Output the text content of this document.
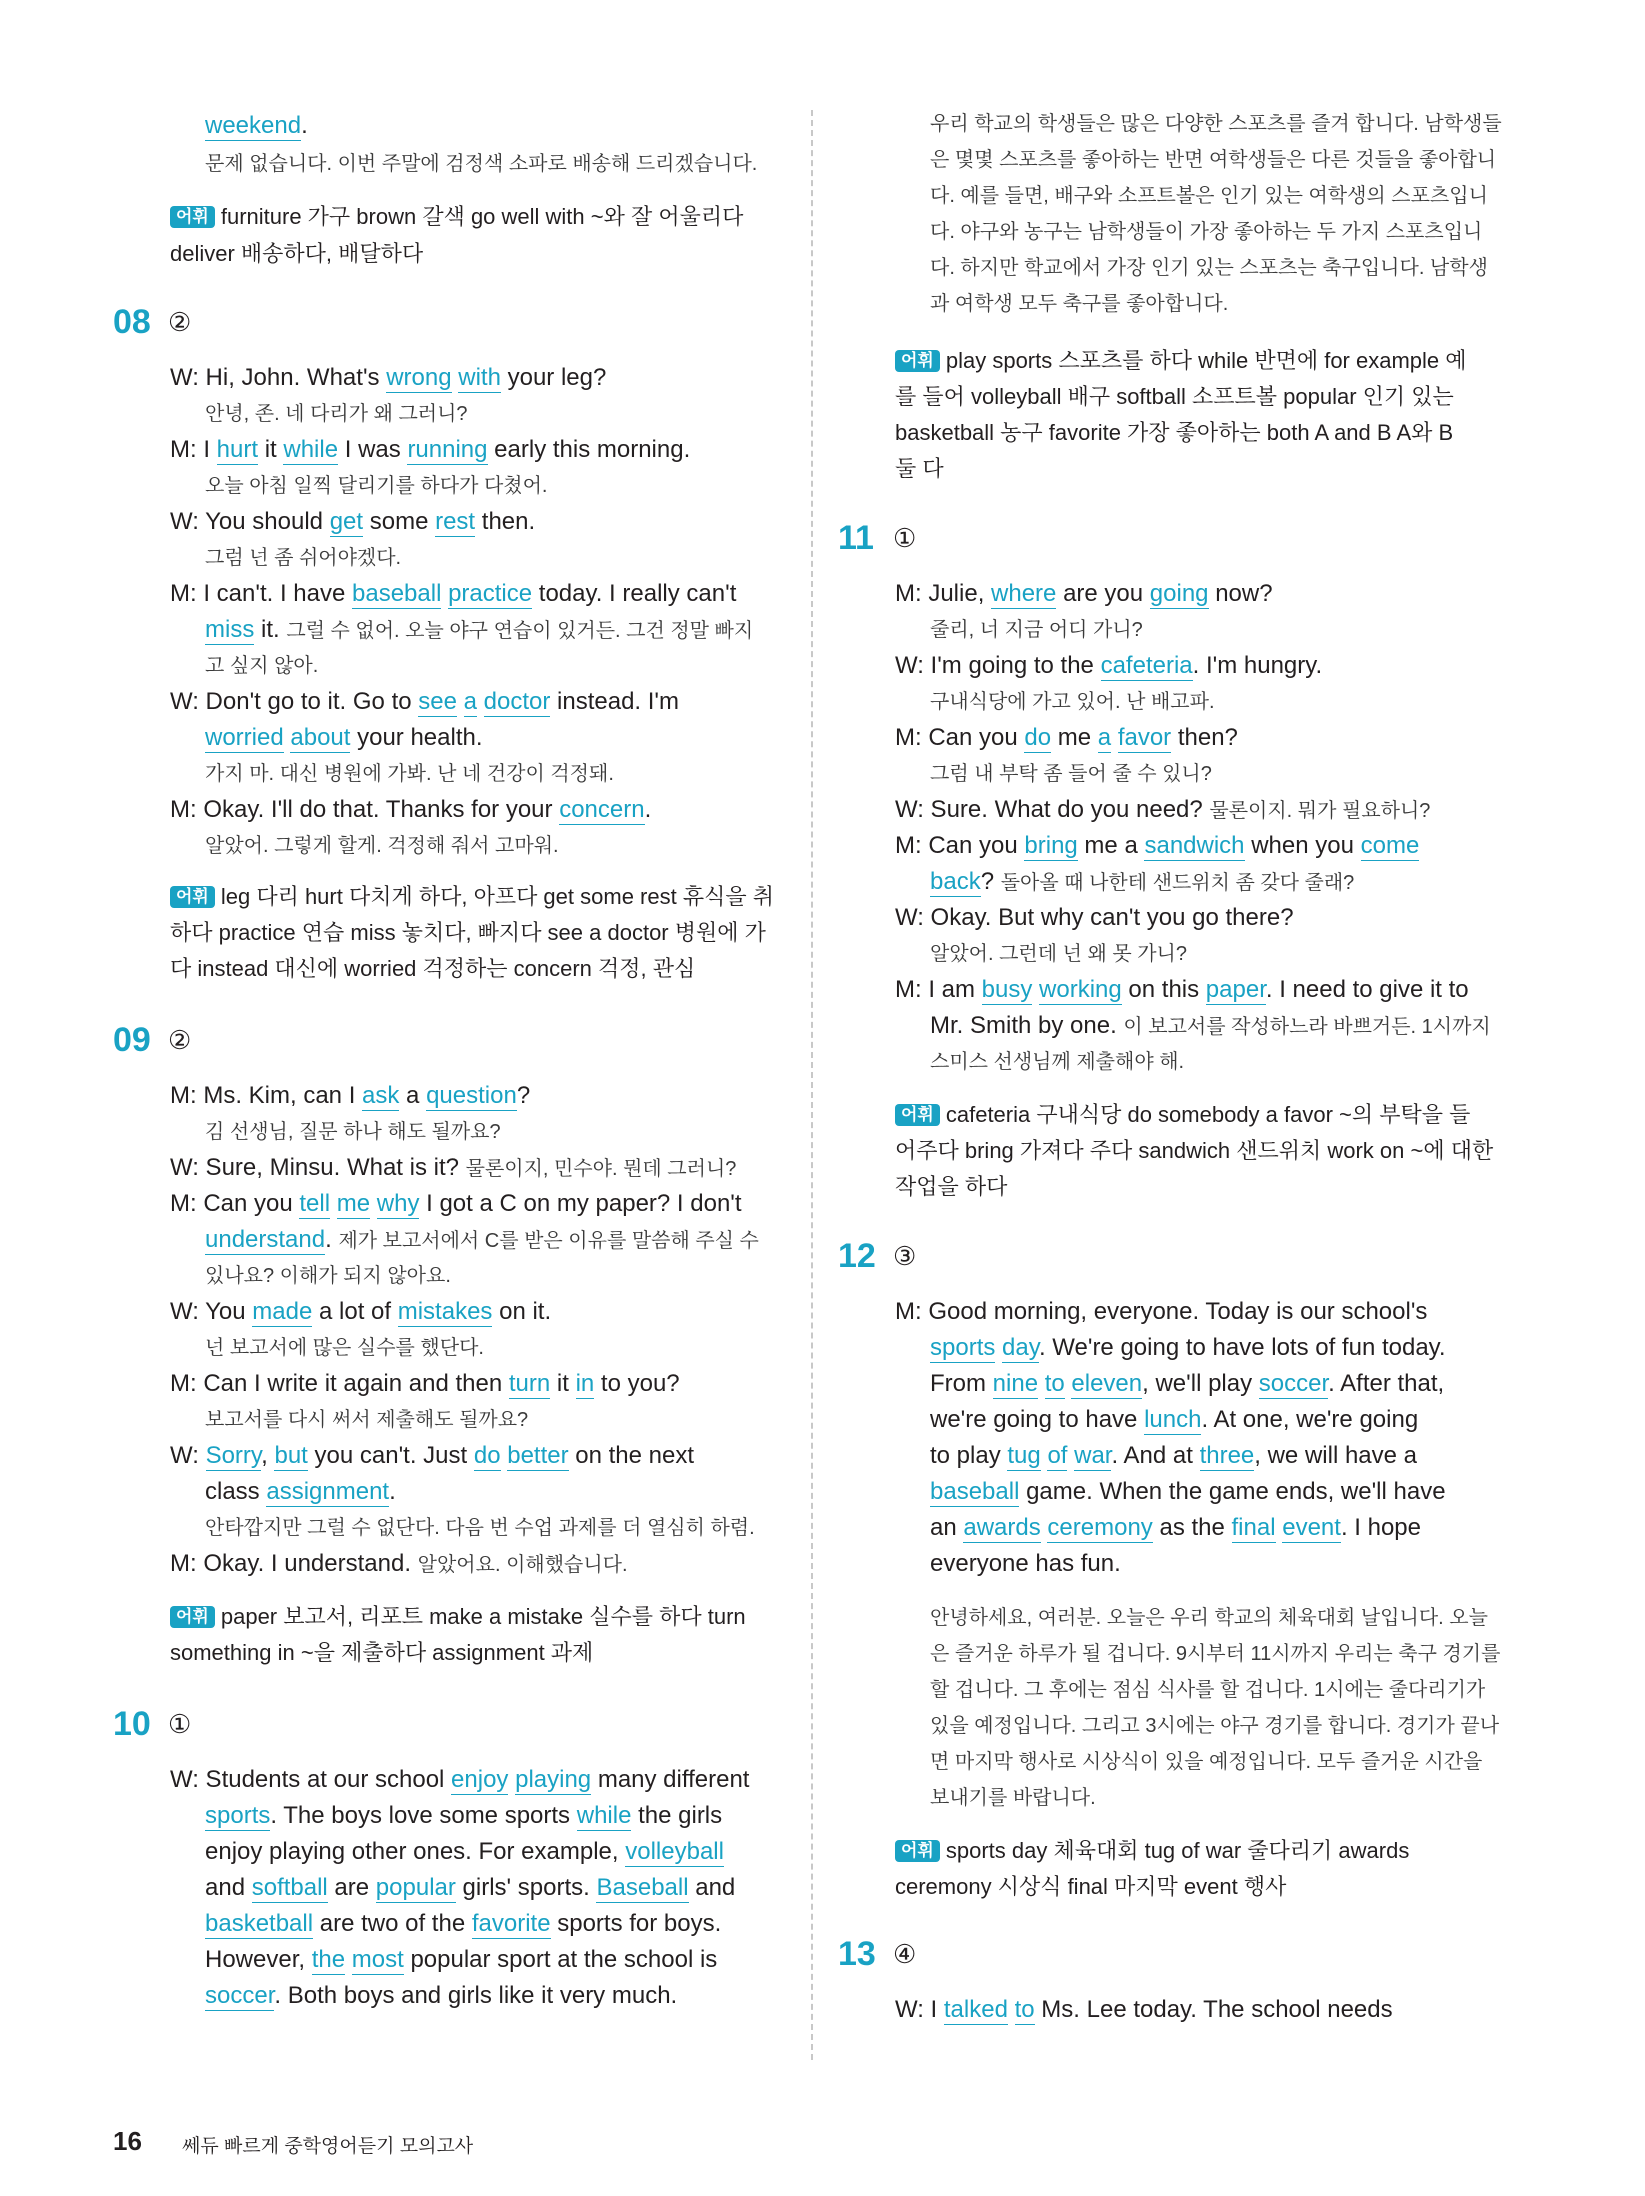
weekend.
문제 없습니다. 이번 주말에 검정색 소파로 배송해 드리겠습니다.
어휘 furniture 가구 brown 갈색 go well with ~와 잘 어울리다
deliver 배송하다, 배달하다
08 ②
W: Hi, John. What's wrong with your leg?
안녕, 존. 네 다리가 왜 그러니?
M: I hurt it while I was running early this morning.
오늘 아침 일찍 달리기를 하다가 다쳤어.
W: You should get some rest then.
그럼 넌 좀 쉬어야겠다.
M: I can't. I have baseball practice today. I really can't
miss it. 그럴 수 없어. 오늘 야구 연습이 있거든. 그건 정말 빠지
고 싶지 않아.
W: Don't go to it. Go to see a doctor instead. I'm
worried about your health.
가지 마. 대신 병원에 가봐. 난 네 건강이 걱정돼.
M: Okay. I'll do that. Thanks for your concern.
알았어. 그렇게 할게. 걱정해 줘서 고마워.
어휘 leg 다리 hurt 다치게 하다, 아프다 get some rest 휴식을 취
하다 practice 연습 miss 놓치다, 빠지다 see a doctor 병원에 가
다 instead 대신에 worried 걱정하는 concern 걱정, 관심
09 ②
M: Ms. Kim, can I ask a question?
김 선생님, 질문 하나 해도 될까요?
W: Sure, Minsu. What is it? 물론이지, 민수야. 뭔데 그러니?
M: Can you tell me why I got a C on my paper? I don't
understand. 제가 보고서에서 C를 받은 이유를 말씀해 주실 수
있나요? 이해가 되지 않아요.
W: You made a lot of mistakes on it.
넌 보고서에 많은 실수를 했단다.
M: Can I write it again and then turn it in to you?
보고서를 다시 써서 제출해도 될까요?
W: Sorry, but you can't. Just do better on the next
class assignment.
안타깝지만 그럴 수 없단다. 다음 번 수업 과제를 더 열심히 하렴.
M: Okay. I understand. 알았어요. 이해했습니다.
어휘 paper 보고서, 리포트 make a mistake 실수를 하다 turn
something in ~을 제출하다 assignment 과제
10 ①
W: Students at our school enjoy playing many different
sports. The boys love some sports while the girls
enjoy playing other ones. For example, volleyball
and softball are popular girls' sports. Baseball and
basketball are two of the favorite sports for boys.
However, the most popular sport at the school is
soccer. Both boys and girls like it very much.
우리 학교의 학생들은 많은 다양한 스포츠를 즐겨 합니다. 남학생들
은 몇몇 스포츠를 좋아하는 반면 여학생들은 다른 것들을 좋아합니
다. 예를 들면, 배구와 소프트볼은 인기 있는 여학생의 스포츠입니
다. 야구와 농구는 남학생들이 가장 좋아하는 두 가지 스포츠입니
다. 하지만 학교에서 가장 인기 있는 스포츠는 축구입니다. 남학생
과 여학생 모두 축구를 좋아합니다.
어휘 play sports 스포츠를 하다 while 반면에 for example 예
를 들어 volleyball 배구 softball 소프트볼 popular 인기 있는
basketball 농구 favorite 가장 좋아하는 both A and B A와 B
둘 다
11 ①
M: Julie, where are you going now?
줄리, 너 지금 어디 가니?
W: I'm going to the cafeteria. I'm hungry.
구내식당에 가고 있어. 난 배고파.
M: Can you do me a favor then?
그럼 내 부탁 좀 들어 줄 수 있니?
W: Sure. What do you need? 물론이지. 뭐가 필요하니?
M: Can you bring me a sandwich when you come
back? 돌아올 때 나한테 샌드위치 좀 갖다 줄래?
W: Okay. But why can't you go there?
알았어. 그런데 넌 왜 못 가니?
M: I am busy working on this paper. I need to give it to
Mr. Smith by one. 이 보고서를 작성하느라 바쁘거든. 1시까지
스미스 선생님께 제출해야 해.
어휘 cafeteria 구내식당 do somebody a favor ~의 부탁을 들
어주다 bring 가져다 주다 sandwich 샌드위치 work on ~에 대한
작업을 하다
12 ③
M: Good morning, everyone. Today is our school's
sports day. We're going to have lots of fun today.
From nine to eleven, we'll play soccer. After that,
we're going to have lunch. At one, we're going
to play tug of war. And at three, we will have a
baseball game. When the game ends, we'll have
an awards ceremony as the final event. I hope
everyone has fun.
안녕하세요, 여러분. 오늘은 우리 학교의 체육대회 날입니다. 오늘
은 즐거운 하루가 될 겁니다. 9시부터 11시까지 우리는 축구 경기를
할 겁니다. 그 후에는 점심 식사를 할 겁니다. 1시에는 줄다리기가
있을 예정입니다. 그리고 3시에는 야구 경기를 합니다. 경기가 끝나
면 마지막 행사로 시상식이 있을 예정입니다. 모두 즐거운 시간을
보내기를 바랍니다.
어휘 sports day 체육대회 tug of war 줄다리기 awards
ceremony 시상식 final 마지막 event 행사
13 ④
W: I talked to Ms. Lee today. The school needs
16 쎄듀 빠르게 중학영어듣기 모의고사
